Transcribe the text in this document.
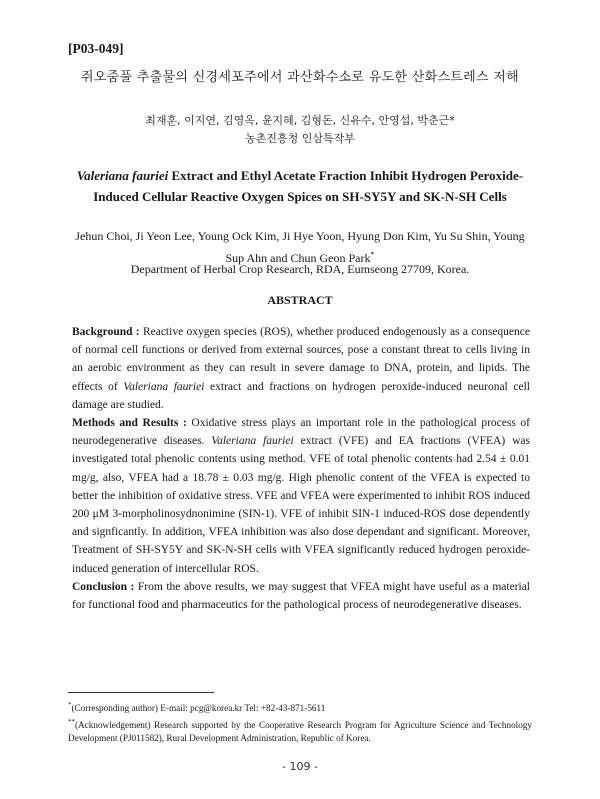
[P03-049]
쥐오줌풀 추출물의 신경세포주에서 과산화수소로 유도한 산화스트레스 저해
최재훈, 이지연, 김영옥, 윤지혜, 김형돈, 신유수, 안영섭, 박춘근*
농촌진흥청 인삼특작부
Valeriana fauriei Extract and Ethyl Acetate Fraction Inhibit Hydrogen Peroxide-Induced Cellular Reactive Oxygen Spices on SH-SY5Y and SK-N-SH Cells
Jehun Choi, Ji Yeon Lee, Young Ock Kim, Ji Hye Yoon, Hyung Don Kim, Yu Su Shin, Young Sup Ahn and Chun Geon Park*
Department of Herbal Crop Research, RDA, Eumseong 27709, Korea.
ABSTRACT

Background : Reactive oxygen species (ROS), whether produced endogenously as a consequence of normal cell functions or derived from external sources, pose a constant threat to cells living in an aerobic environment as they can result in severe damage to DNA, protein, and lipids. The effects of Valeriana fauriei extract and fractions on hydrogen peroxide-induced neuronal cell damage are studied.

Methods and Results : Oxidative stress plays an important role in the pathological process of neurodegenerative diseases. Valeriana fauriei extract (VFE) and EA fractions (VFEA) was investigated total phenolic contents using method. VFE of total phenolic contents had 2.54 ± 0.01 mg/g, also, VFEA had a 18.78 ± 0.03 mg/g. High phenolic content of the VFEA is expected to better the inhibition of oxidative stress. VFE and VFEA were experimented to inhibit ROS induced 200 μM 3-morpholinosydnonimine (SIN-1). VFE of inhibit SIN-1 induced-ROS dose dependently and signficantly. In addition, VFEA inhibition was also dose dependant and significant. Moreover, Treatment of SH-SY5Y and SK-N-SH cells with VFEA significantly reduced hydrogen peroxide-induced generation of intercellular ROS.

Conclusion : From the above results, we may suggest that VFEA might have useful as a material for functional food and pharmaceutics for the pathological process of neurodegenerative diseases.

*(Corresponding author) E-mail: pcg@korea.kr Tel: +82-43-871-5611
**(Acknowledgement) Research supported by the Cooperative Research Program for Agriculture Science and Technology Development (PJ011582), Rural Development Administration, Republic of Korea.
- 109 -
